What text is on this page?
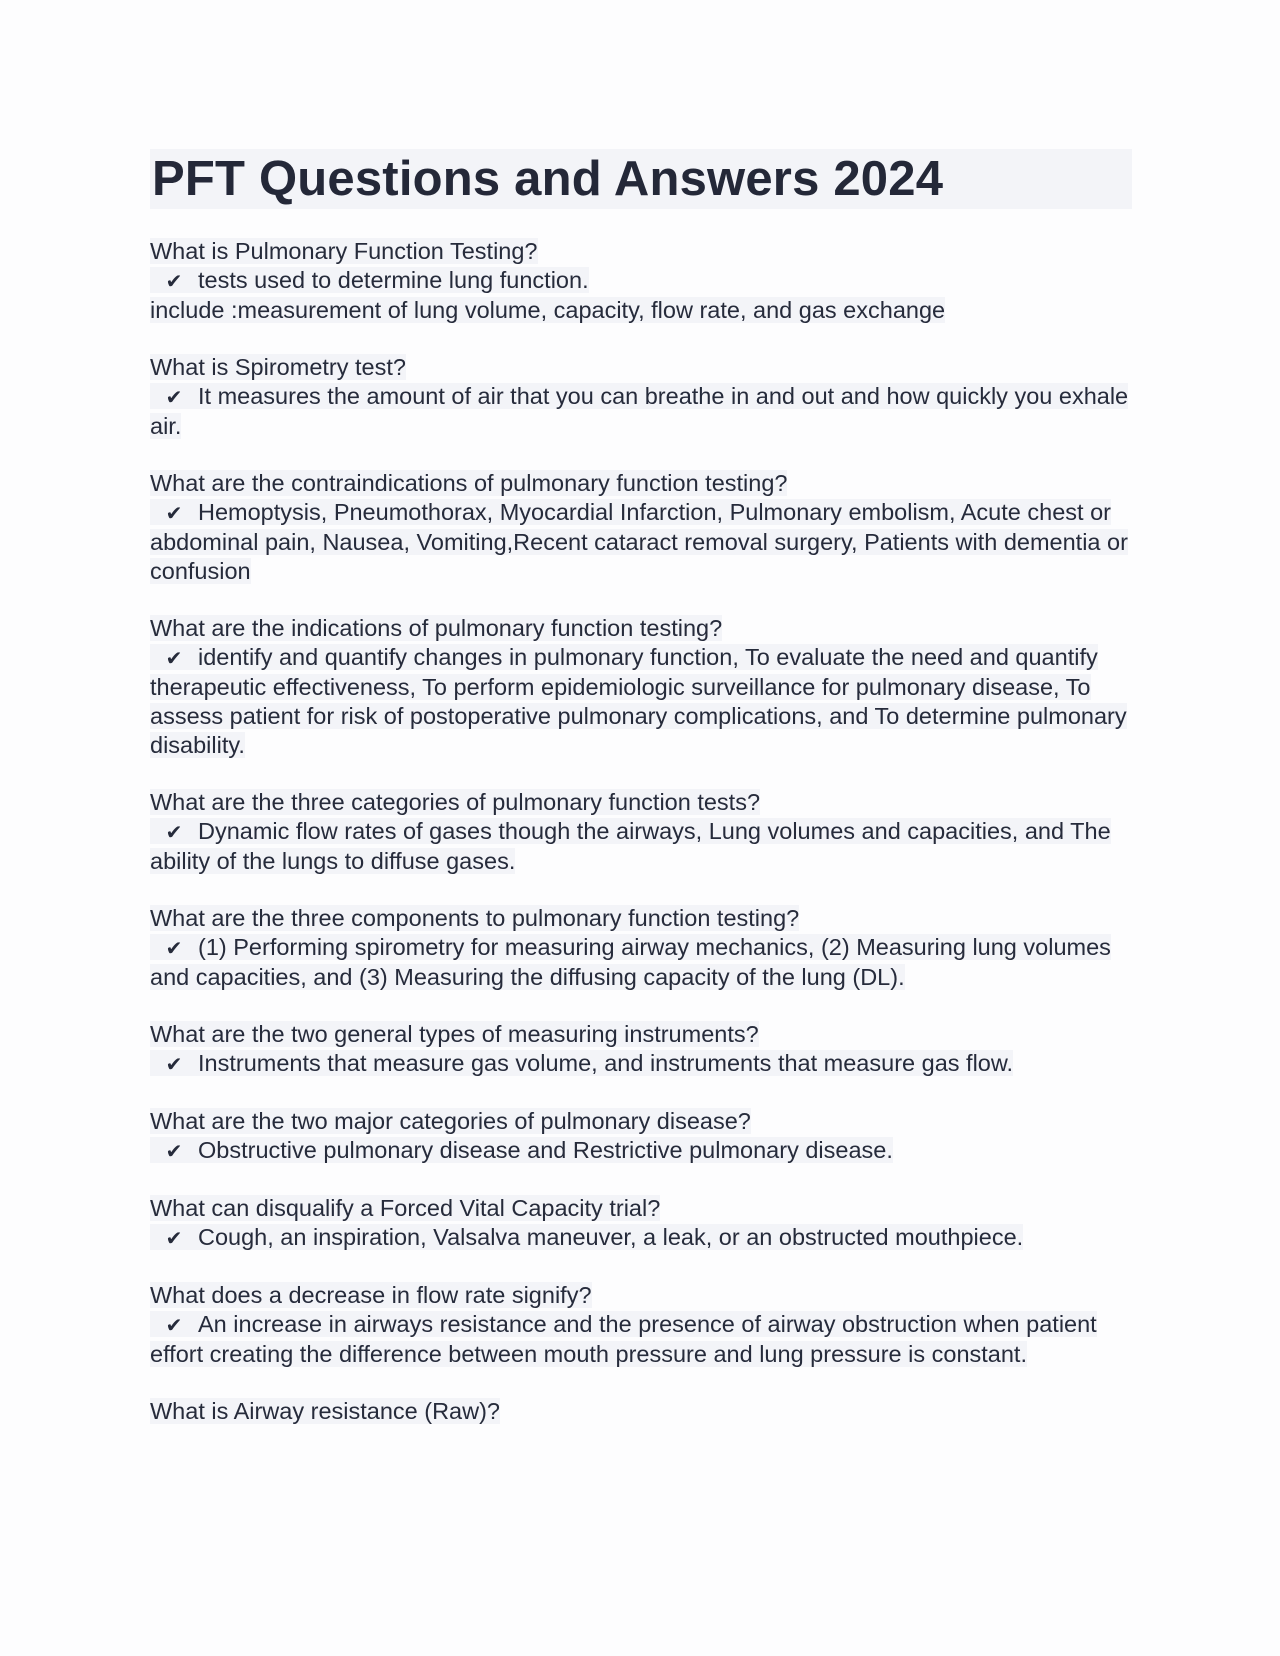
PFT Questions and Answers 2024
What is Pulmonary Function Testing?
✔ tests used to determine lung function.
include :measurement of lung volume, capacity, flow rate, and gas exchange
What is Spirometry test?
✔ It measures the amount of air that you can breathe in and out and how quickly you exhale air.
What are the contraindications of pulmonary function testing?
✔ Hemoptysis, Pneumothorax, Myocardial Infarction, Pulmonary embolism, Acute chest or abdominal pain, Nausea, Vomiting,Recent cataract removal surgery, Patients with dementia or confusion
What are the indications of pulmonary function testing?
✔ identify and quantify changes in pulmonary function, To evaluate the need and quantify therapeutic effectiveness, To perform epidemiologic surveillance for pulmonary disease, To assess patient for risk of postoperative pulmonary complications, and To determine pulmonary disability.
What are the three categories of pulmonary function tests?
✔ Dynamic flow rates of gases though the airways, Lung volumes and capacities, and The ability of the lungs to diffuse gases.
What are the three components to pulmonary function testing?
✔ (1) Performing spirometry for measuring airway mechanics, (2) Measuring lung volumes and capacities, and (3) Measuring the diffusing capacity of the lung (DL).
What are the two general types of measuring instruments?
✔ Instruments that measure gas volume, and instruments that measure gas flow.
What are the two major categories of pulmonary disease?
✔ Obstructive pulmonary disease and Restrictive pulmonary disease.
What can disqualify a Forced Vital Capacity trial?
✔ Cough, an inspiration, Valsalva maneuver, a leak, or an obstructed mouthpiece.
What does a decrease in flow rate signify?
✔ An increase in airways resistance and the presence of airway obstruction when patient effort creating the difference between mouth pressure and lung pressure is constant.
What is Airway resistance (Raw)?
